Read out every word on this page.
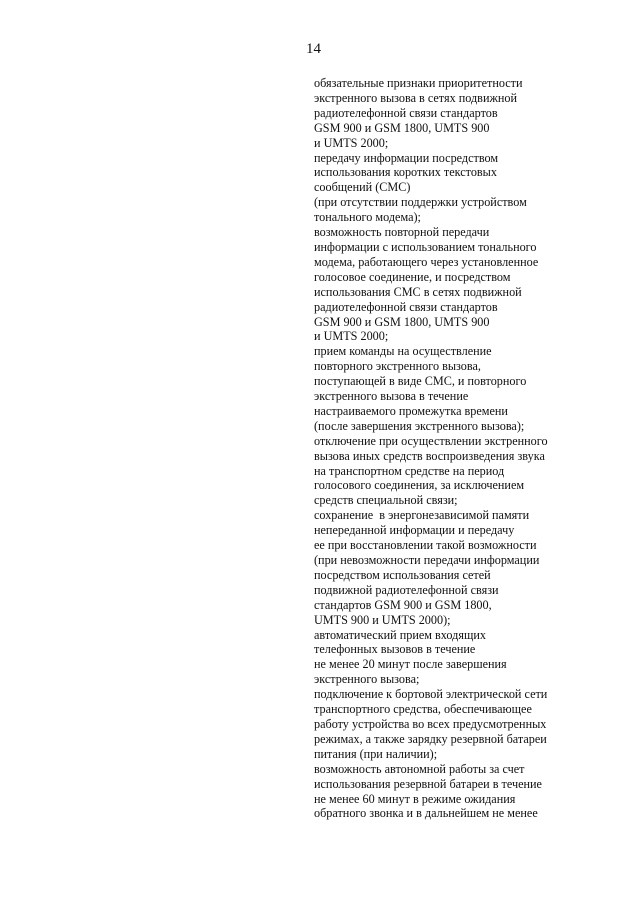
14
обязательные признаки приоритетности
экстренного вызова в сетях подвижной
радиотелефонной связи стандартов
GSM 900 и GSM 1800, UMTS 900
и UMTS 2000;
передачу информации посредством
использования коротких текстовых
сообщений (СМС)
(при отсутствии поддержки устройством
тонального модема);
возможность повторной передачи
информации с использованием тонального
модема, работающего через установленное
голосовое соединение, и посредством
использования СМС в сетях подвижной
радиотелефонной связи стандартов
GSM 900 и GSM 1800, UMTS 900
и UMTS 2000;
прием команды на осуществление
повторного экстренного вызова,
поступающей в виде СМС, и повторного
экстренного вызова в течение
настраиваемого промежутка времени
(после завершения экстренного вызова);
отключение при осуществлении экстренного
вызова иных средств воспроизведения звука
на транспортном средстве на период
голосового соединения, за исключением
средств специальной связи;
сохранение  в энергонезависимой памяти
непереданной информации и передачу
ее при восстановлении такой возможности
(при невозможности передачи информации
посредством использования сетей
подвижной радиотелефонной связи
стандартов GSM 900 и GSM 1800,
UMTS 900 и UMTS 2000);
автоматический прием входящих
телефонных вызовов в течение
не менее 20 минут после завершения
экстренного вызова;
подключение к бортовой электрической сети
транспортного средства, обеспечивающее
работу устройства во всех предусмотренных
режимах, а также зарядку резервной батареи
питания (при наличии);
возможность автономной работы за счет
использования резервной батареи в течение
не менее 60 минут в режиме ожидания
обратного звонка и в дальнейшем не менее
